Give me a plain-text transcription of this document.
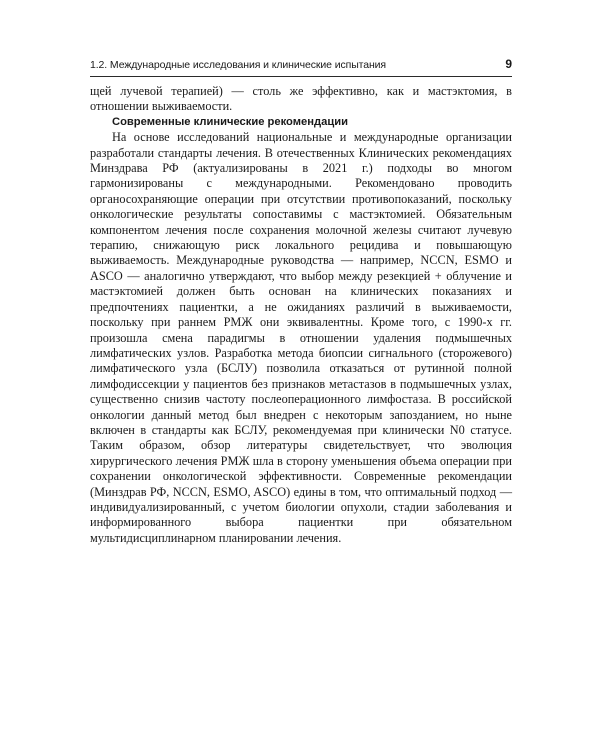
1.2. Международные исследования и клинические испытания	9

щей лучевой терапией) — столь же эффективно, как и мастэктомия, в отношении выживаемости.

Современные клинические рекомендации

На основе исследований национальные и международные организации разработали стандарты лечения. В отечественных Клинических рекомендациях Минздрава РФ (актуализированы в 2021 г.) подходы во многом гармонизированы с международными. Рекомендовано проводить органосохраняющие операции при отсутствии противопоказаний, поскольку онкологические результаты сопоставимы с мастэктомией. Обязательным компонентом лечения после сохранения молочной железы считают лучевую терапию, снижающую риск локального рецидива и повышающую выживаемость. Международные руководства — например, NCCN, ESMO и ASCO — аналогично утверждают, что выбор между резекцией + облучение и мастэктомией должен быть основан на клинических показаниях и предпочтениях пациентки, а не ожиданиях различий в выживаемости, поскольку при раннем РМЖ они эквивалентны. Кроме того, с 1990-х гг. произошла смена парадигмы в отношении удаления подмышечных лимфатических узлов. Разработка метода биопсии сигнального (сторожевого) лимфатического узла (БСЛУ) позволила отказаться от рутинной полной лимфодиссекции у пациентов без признаков метастазов в подмышечных узлах, существенно снизив частоту послеоперационного лимфостаза. В российской онкологии данный метод был внедрен с некоторым запозданием, но ныне включен в стандарты как БСЛУ, рекомендуемая при клинически N0 статусе. Таким образом, обзор литературы свидетельствует, что эволюция хирургического лечения РМЖ шла в сторону уменьшения объема операции при сохранении онкологической эффективности. Современные рекомендации (Минздрав РФ, NCCN, ESMO, ASCO) едины в том, что оптимальный подход — индивидуализированный, с учетом биологии опухоли, стадии заболевания и информированного выбора пациентки при обязательном мультидисциплинарном планировании лечения.
